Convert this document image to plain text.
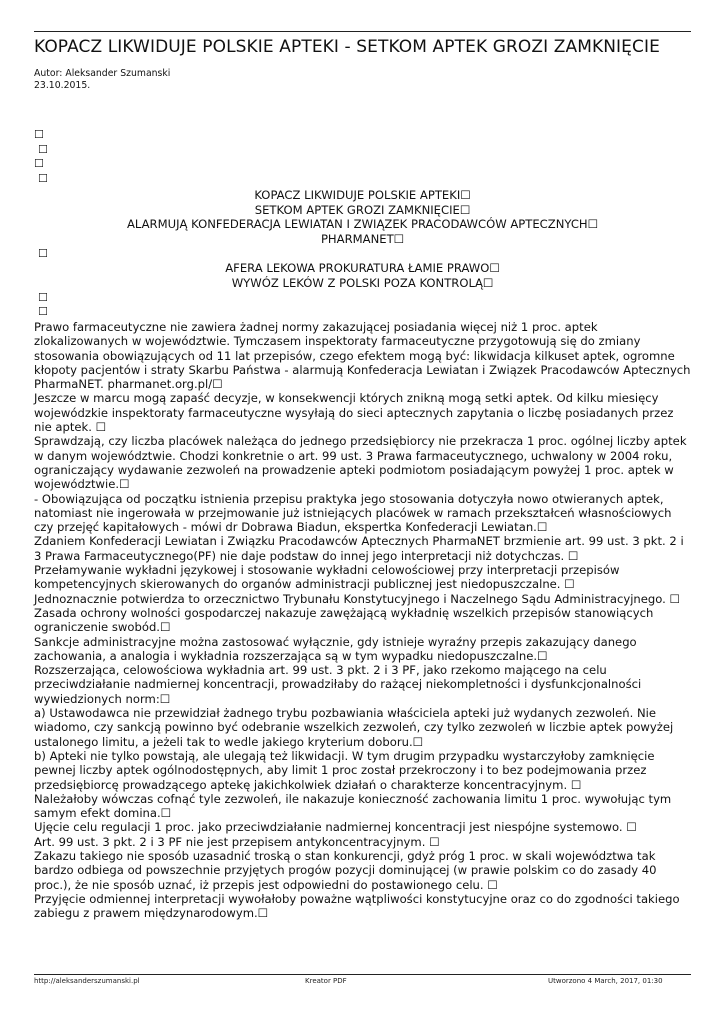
KOPACZ LIKWIDUJE POLSKIE APTEKI - SETKOM APTEK GROZI ZAMKNIĘCIE
Autor: Aleksander Szumanski
23.10.2015.
☐
☐
☐
☐
KOPACZ LIKWIDUJE POLSKIE APTEKI☐
SETKOM APTEK GROZI ZAMKNIĘCIE☐
ALARMUJĄ KONFEDERACJA LEWIATAN I ZWIĄZEK PRACODAWCÓW APTECZNYCH☐
PHARMANET☐
☐
AFERA LEKOWA PROKURATURA ŁAMIE PRAWO☐
WYWÓZ LEKÓW Z POLSKI POZA KONTROLĄ☐
☐
☐

Prawo farmaceutyczne nie zawiera żadnej normy zakazującej posiadania więcej niż 1 proc. aptek zlokalizowanych w województwie. Tymczasem inspektoraty farmaceutyczne przygotowują się do zmiany stosowania obowiązujących od 11 lat przepisów, czego efektem mogą być: likwidacja kilkuset aptek, ogromne kłopoty pacjentów i straty Skarbu Państwa - alarmują Konfederacja Lewiatan i Związek Pracodawców Aptecznych PharmaNET. pharmanet.org.pl/☐

Jeszcze w marcu mogą zapaść decyzje, w konsekwencji których znikną mogą setki aptek. Od kilku miesięcy wojewódzkie inspektoraty farmaceutyczne wysyłają do sieci aptecznych zapytania o liczbę posiadanych przez nie aptek. ☐

Sprawdzają, czy liczba placówek należąca do jednego przedsiębiorcy nie przekracza 1 proc. ogólnej liczby aptek w danym województwie. Chodzi konkretnie o art. 99 ust. 3 Prawa farmaceutycznego, uchwalony w 2004 roku, ograniczający wydawanie zezwoleń na prowadzenie apteki podmiotom posiadającym powyżej 1 proc. aptek w województwie.☐

- Obowiązująca od początku istnienia przepisu praktyka jego stosowania dotyczyła nowo otwieranych aptek, natomiast nie ingerowała w przejmowanie już istniejących placówek w ramach przekształceń własnościowych czy przejęć kapitałowych - mówi dr Dobrawa Biadun, ekspertka Konfederacji Lewiatan.☐

Zdaniem Konfederacji Lewiatan i Związku Pracodawców Aptecznych PharmaNET brzmienie art. 99 ust. 3 pkt. 2 i 3 Prawa Farmaceutycznego(PF) nie daje podstaw do innej jego interpretacji niż dotychczas. ☐

Przełamywanie wykładni językowej i stosowanie wykładni celowościowej przy interpretacji przepisów kompetencyjnych skierowanych do organów administracji publicznej jest niedopuszczalne. ☐

Jednoznacznie potwierdza to orzecznictwo Trybunału Konstytucyjnego i Naczelnego Sądu Administracyjnego. ☐

Zasada ochrony wolności gospodarczej nakazuje zawężającą wykładnię wszelkich przepisów stanowiących ograniczenie swobód.☐

Sankcje administracyjne można zastosować wyłącznie, gdy istnieje wyraźny przepis zakazujący danego zachowania, a analogia i wykładnia rozszerzająca są w tym wypadku niedopuszczalne.☐

Rozszerzająca, celowościowa wykładnia art. 99 ust. 3 pkt. 2 i 3 PF, jako rzekomo mającego na celu przeciwdziałanie nadmiernej koncentracji, prowadziłaby do rażącej niekompletności i dysfunkcjonalności wywiedzionych norm:☐

a) Ustawodawca nie przewidział żadnego trybu pozbawiania właściciela apteki już wydanych zezwoleń. Nie wiadomo, czy sankcją powinno być odebranie wszelkich zezwoleń, czy tylko zezwoleń w liczbie aptek powyżej ustalonego limitu, a jeżeli tak to wedle jakiego kryterium doboru.☐

b) Apteki nie tylko powstają, ale ulegają też likwidacji. W tym drugim przypadku wystarczyłoby zamknięcie pewnej liczby aptek ogólnodostępnych, aby limit 1 proc został przekroczony i to bez podejmowania przez przedsiębiorcę prowadzącego aptekę jakichkolwiek działań o charakterze koncentracyjnym. ☐

Należałoby wówczas cofnąć tyle zezwoleń, ile nakazuje konieczność zachowania limitu 1 proc. wywołując tym samym efekt domina.☐

Ujęcie celu regulacji 1 proc. jako przeciwdziałanie nadmiernej koncentracji jest niespójne systemowo. ☐

Art. 99 ust. 3 pkt. 2 i 3 PF nie jest przepisem antykoncentracyjnym. ☐

Zakazu takiego nie sposób uzasadnić troską o stan konkurencji, gdyż próg 1 proc. w skali województwa tak bardzo odbiega od powszechnie przyjętych progów pozycji dominującej (w prawie polskim co do zasady 40 proc.), że nie sposób uznać, iż przepis jest odpowiedni do postawionego celu. ☐

Przyjęcie odmiennej interpretacji wywołałoby poważne wątpliwości konstytucyjne oraz co do zgodności takiego zabiegu z prawem międzynarodowym.☐

http://aleksanderszumanski.pl	Kreator PDF	Utworzono 4 March, 2017, 01:30
